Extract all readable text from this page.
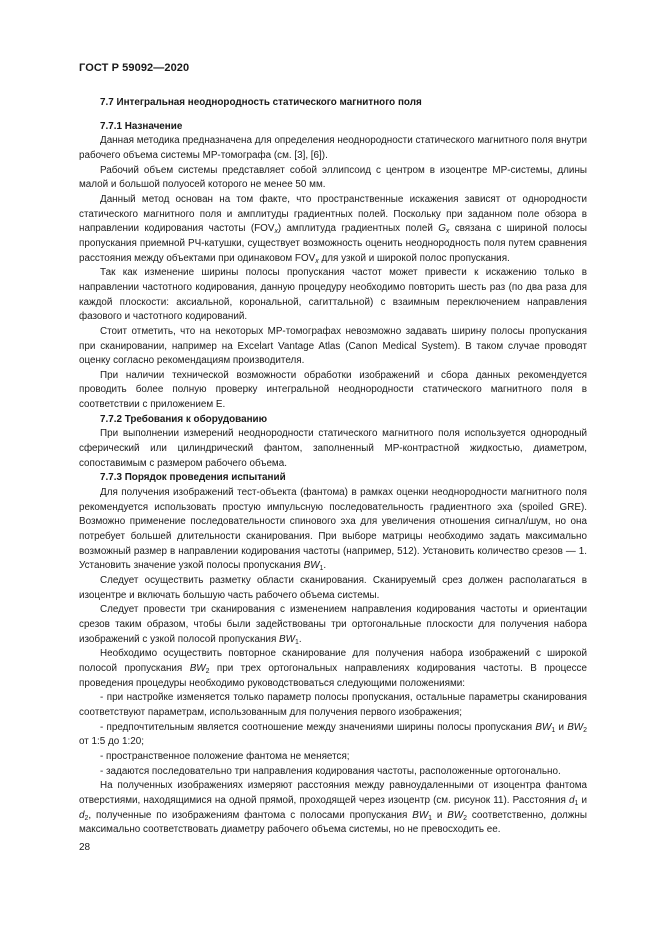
ГОСТ Р 59092—2020
7.7 Интегральная неоднородность статического магнитного поля
7.7.1 Назначение

Данная методика предназначена для определения неоднородности статического магнитного поля внутри рабочего объема системы МР-томографа (см. [3], [6]).

Рабочий объем системы представляет собой эллипсоид с центром в изоцентре МР-системы, длины малой и большой полуосей которого не менее 50 мм.

Данный метод основан на том факте, что пространственные искажения зависят от однородности статического магнитного поля и амплитуды градиентных полей. Поскольку при заданном поле обзора в направлении кодирования частоты $(FOV_x)$ амплитуда градиентных полей $G_x$ связана с шириной полосы пропускания приемной РЧ-катушки, существует возможность оценить неоднородность поля путем сравнения расстояния между объектами при одинаковом $FOV_x$ для узкой и широкой полос пропускания.

Так как изменение ширины полосы пропускания частот может привести к искажению только в направлении частотного кодирования, данную процедуру необходимо повторить шесть раз (по два раза для каждой плоскости: аксиальной, корональной, сагиттальной) с взаимным переключением направления фазового и частотного кодирований.

Стоит отметить, что на некоторых МР-томографах невозможно задавать ширину полосы пропускания при сканировании, например на Excelart Vantage Atlas (Canon Medical System). В таком случае проводят оценку согласно рекомендациям производителя.

При наличии технической возможности обработки изображений и сбора данных рекомендуется проводить более полную проверку интегральной неоднородности статического магнитного поля в соответствии с приложением Е.

7.7.2 Требования к оборудованию

При выполнении измерений неоднородности статического магнитного поля используется однородный сферический или цилиндрический фантом, заполненный МР-контрастной жидкостью, диаметром, сопоставимым с размером рабочего объема.

7.7.3 Порядок проведения испытаний

Для получения изображений тест-объекта (фантома) в рамках оценки неоднородности магнитного поля рекомендуется использовать простую импульсную последовательность градиентного эха (spoiled GRE). Возможно применение последовательности спинового эха для увеличения отношения сигнал/шум, но она потребует большей длительности сканирования. При выборе матрицы необходимо задать максимально возможный размер в направлении кодирования частоты (например, 512). Установить количество срезов — 1. Установить значение узкой полосы пропускания $BW_1$.

Следует осуществить разметку области сканирования. Сканируемый срез должен располагаться в изоцентре и включать большую часть рабочего объема системы.

Следует провести три сканирования с изменением направления кодирования частоты и ориентации срезов таким образом, чтобы были задействованы три ортогональные плоскости для получения набора изображений с узкой полосой пропускания $BW_1$.

Необходимо осуществить повторное сканирование для получения набора изображений с широкой полосой пропускания $BW_2$ при трех ортогональных направлениях кодирования частоты. В процессе проведения процедуры необходимо руководствоваться следующими положениями:

- при настройке изменяется только параметр полосы пропускания, остальные параметры сканирования соответствуют параметрам, использованным для получения первого изображения;

- предпочтительным является соотношение между значениями ширины полосы пропускания $BW_1$ и $BW_2$ от 1:5 до 1:20;

- пространственное положение фантома не меняется;

- задаются последовательно три направления кодирования частоты, расположенные ортогонально.

На полученных изображениях измеряют расстояния между равноудаленными от изоцентра фантома отверстиями, находящимися на одной прямой, проходящей через изоцентр (см. рисунок 11). Расстояния $d_1$ и $d_2$, полученные по изображениям фантома с полосами пропускания $BW_1$ и $BW_2$ соответственно, должны максимально соответствовать диаметру рабочего объема системы, но не превосходить ее.

28
